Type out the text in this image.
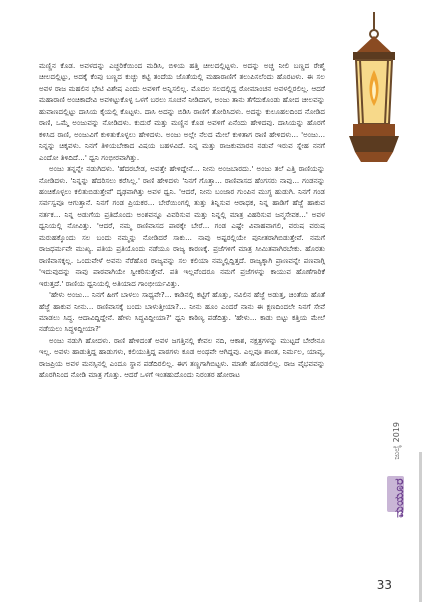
ಮಣ್ಣಿನ ಕೊಡ. ಅವಳದನ್ನು ಎಚ್ಚರಿಕೆಯಿಂದ ಮಡಿಸಿ, ಬಿಳಿಯ ಹತ್ತಿ ಚೀಲದಲ್ಲಿಟ್ಟಳು. ಅದನ್ನು ಅಚ್ಚ ನೀಲಿ ಬಣ್ಣದ ರೇಶ್ಮೆ ಚೀಲದಲ್ಲಿಟ್ಟು, ಅದಕ್ಕೆ ಕೆಂಪು ಬಣ್ಣದ ಕುಚ್ಚು ಕಟ್ಟಿ ತಂದೆಯ ಜೊತೆಯಲ್ಲಿ ಮಹಾರಾಣಿಗೆ ತಲುಪಿಸಲೆಂದು ಹೊರಟಳು. ಈ ಸಲ ಅವಳ ರಾಜ ಮಹಲಿನ ಭೇಟಿ ವಿಶೇಷ ಎಂದು ಅವಳಿಗೆ ಅನ್ನಿಸಲಿಲ್ಲ. ಮೊದಲ ಸಲದಲ್ಲಿದ್ದ ರೋಮಾಂಚನ ಅವಳಲ್ಲಿರಲಿಲ್ಲ. ಆದರೆ ಮಹಾರಾಣಿ ಅಂಚಿಕಾದೇವಿ ಅವಳಿಟ್ಟುಕೊಳ್ಳ ಒಳಗೆ ಬರಲು ಸೂಚನೆ ನೀಡಿದಾಗ, ಅಂಜು ತಾನು ತೆಗೆದುಕೊಂಡು ಹೋದ ಚೀಲವನ್ನು ಹುವಾಣದಲ್ಲಿಟ್ಟು ದಾಸಿಯ ಕೈಯಲ್ಲಿ ಕೊಟ್ಟಳು. ದಾಸಿ ಅದನ್ನು ಬಿಡಿಸಿ ರಾಣಿಗೆ ತೋರಿಸಿದಳು. ಅದನ್ನು ಕುಲೂಹಲದಿಂದ ನೋಡಿದ ರಾಣಿ, ಒಮ್ಮೆ ಅಂಜುವನ್ನು ನೋಡಿದಳು. ಕುದುರೆ ಮತ್ತು ಮಣ್ಣಿನ ಕೊಡ ಅವಳಿಗೆ ಏನೆಂದು ಹೇಳಿದವು. ದಾಸಿಯನ್ನು ಹೊರಗೆ ಕಳಿಸಿದ ರಾಣಿ, ಅಂಜುವಿಗೆ ಕುಳಿತುಕೊಳ್ಳಲು ಹೇಳಿದಳು. ಅಂಜು ಅಲ್ಲೇ ನೆಲದ ಮೇಲೆ ಕುಳಿತಾಗ ರಾಣಿ ಹೇಳಿದಳು... 'ಅಂಜು... ನಿನ್ನನ್ನು ಚಿಕ್ಕವಳು. ನಿನಗೆ ತಿಳಿಯಬೇಕಾದ ವಿಷಯ ಬಹಳವಿದೆ. ನಿನ್ನ ಮತ್ತು ರಾಜಕುಮಾರನ ನಡುವೆ ಇರುವ ಸ್ನೇಹ ನನಗೆ ಎಂದೋ ತಿಳಿದಿದೆ...' ಧ್ವನಿ ಗಂಭೀರವಾಗಿತ್ತು.

ಅಂಜು ತನ್ನನ್ನೇ ನಡುಗಿದಳು. 'ಹೆದರಬೇಡ, ಅವತ್ತೇ ಹೇಳಿದ್ದೇನೆ... ನೀನು ಅಂಜಬಾರದು.' ಅಂಜು ತಲೆ ಎತ್ತಿ ರಾಣಿಯನ್ನು ನೋಡಿದಳು. 'ನಿನ್ನನ್ನು ಹೆದರಿಸಲು ಕರೆಸಿಲ್ಲ.' ರಾಣಿ ಹೇಳಿದಳು 'ನಿನಗೆ ಗೊತ್ತಾ... ರಾಣಿವಾಸದ ಹೆಂಗಸರು ನಾವು... ಗಂಡನನ್ನು ಹಂಚಿಕೊಳ್ಳಲು ಕಲಿತುಬಿಡುತ್ತೇವೆ' ದೃಢವಾಗಿತ್ತು ಅವಳ ಧ್ವನಿ. 'ಆದರೆ, ನೀನು ಬಂಜಾರ ಗುಂಪಿನ ಮುಗ್ಧ ಹುಡುಗಿ. ನಿನಗೆ ಗಂಡ ಸರ್ವಸ್ವವೂ ಆಗುತ್ತಾನೆ. ನಿನಗೆ ಗಂಡ ಪ್ರಿಯಕರ... ಬೇರೆಯಿಂಗಲ್ಲಿ ತುತ್ತು ತಿನ್ನಿಸುವ ಆರಾಧಕ, ನಿನ್ನ ಹಾಡಿಗೆ ಹೆಜ್ಜೆ ಹಾಕುವ ನರ್ತಕ... ನಿನ್ನ ಅಡುಗೆಯ ಪ್ರತಿದೊಂದು ಅಂಶವನ್ನೂ ವಿವರಿಸುವ ಮತ್ತು ನಿನ್ನಲ್ಲಿ ಮಾತ್ರ ವಿಹರಿಸುವ ಜನ್ಮಸೇವಕ...' ಅವಳ ಧ್ವನಿಯಲ್ಲಿ ನೋವಿತ್ತು. 'ಆದರೆ, ನಮ್ಮ ರಾಣಿವಾಸದ ಪಾಠಕ್ಕೇ ಬೇರೆ... ಗಂಡ ಎಷ್ಟೇ ವಿವಾಹವಾಗಲಿ, ವರುಷ ವರುಷ ಮರುಹಕ್ಕೊಂದು ಸಲ ಬಂದು ನಮ್ಮನ್ನು ನೋಡಿದರೆ ಸಾಕು... ನಾವು ಅಷ್ಟರಲ್ಲಿಯೇ ಪುನೀತರಾಗಿಬಿಡುತ್ತೇವೆ. ನಮಗೆ ರಾಜಧರ್ಮವೇ ಮುಖ್ಯ. ಪತಿಯ ಪ್ರತಿಯೊಂದು ನಡೆಯೂ ರಾಜ್ಯ ಕಾರಣಕ್ಕೆ. ಪ್ರಜೆಗಳಿಗೆ ಮಾತ್ರ ಸೀಮಿತವಾಗಿರಬೇಕು. ಹೊರತು ರಾಣಿವಾಸಕ್ಕಲ್ಲ. ಒಂದುವೇಳೆ ಅವನು ನೆರೆಹೊರ ರಾಜ್ಯವನ್ನು ಸಲ ಕಲಿಯಾ ನಮ್ಮಲ್ಲಿದ್ದಿತ್ತದೆ. ರಾಜ್ಯಕ್ಕಾಗಿ ಪ್ರಾಣವನ್ನೇ ಪಣವಾಗ್ಗಿ 'ಇದುವುದನ್ನು ನಾವು ಪಾಠವಾಗಿಯೇ ಸ್ವೀಕರಿಸುತ್ತೇವೆ. ಪತಿ ಇಲ್ಲವೆಂದರೂ ನಮಗೆ ಪ್ರಜೆಗಳನ್ನು ಕಾಯುವ ಹೊಣೆಗಾರಿಕೆ ಇರುತ್ತದೆ.' ರಾಣಿಯ ಧ್ವನಿಯಲ್ಲಿ ಅತಿಯಾದ ಗಾಂಭೀರ್ಯವಿತ್ತು.

'ಹೇಳು ಅಂಜು... ನಿನಗೆ ಹೀಗೆ ಬಾಳಲು ಸಾಧ್ಯವೇ?... ಕಾಡಿನಲ್ಲಿ ಕಟ್ಟಿಗೆ ಹೊತ್ತು, ನವಿಲಿನ ಹೆಜ್ಜೆ ಅಡುತ್ತ, ಚಿಂತೆಯ ಹೊತೆ ಹೆಜ್ಜೆ ಹಾಕುವ ನೀನು... ರಾಣಿವಾಸಕ್ಕೆ ಬಂದು ಬಾಳುತ್ತೀಯಾ?... ನೀನು ಹೂಂ ಎಂದರೆ ನಾನು ಈ ಕ್ಷಣದಿಂದಲೇ ನಿನಗೆ ಸೇವೆ ಮಾಡಲು ಸಿದ್ಧ. ಆದಾವಿದ್ದಿದ್ದೇನೆ. ಹೇಳು ಸಿದ್ಧವಿದ್ದೀಯಾ?' ಧ್ವನಿ ಕಾಠಿಣ್ಯ ಪಡೆದಿತ್ತು. 'ಹೇಳು... ಕಾಡು ಬಿಟ್ಟು ಕತ್ತಿಯ ಮೇಲೆ ನಡೆಯಲು ಸಿದ್ಧಳಿದ್ದೀಯಾ?'

ಅಂಜು ನಡುಗಿ ಹೋದಳು. ರಾಣಿ ಹೇಳಿದಂತೆ ಅವಳ ಜಗತ್ತಿನಲ್ಲಿ ಕೇವಲ ನದಿ, ಆಕಾಶ, ನಕ್ಷತ್ರಗಳನ್ನು ಮುಟ್ಟದೆ ಬೇರೇನೂ ಇಲ್ಲ. ಅವಳು ಹಾಡುತ್ತಿದ್ದ ಹಾಡುಗಳು, ಕಲಿಯುತ್ತಿದ್ದ ಪಾಠಗಳು ಕೂಡ ಅಂಥವೇ ಆಗಿದ್ದವು. ಎಲ್ಲವೂ ಶಾಂತ, ನಿರ್ಮಲ, ಯಾವ್ಯ, ರಾಜಪ್ರಿಯ ಅವಳ ಮನಸ್ಸಿನಲ್ಲಿ ಎಂದೂ ಸ್ಥಾನ ಪಡೆದಿರಲಿಲ್ಲ. ಈಗ ತಣ್ಣಗಾಗಿಬಿಟ್ಟಳು. ಮಾತೇ ಹೊರಡಲಿಲ್ಲ. ರಾಜ ವೈಭವವನ್ನು ಹೊರಗಿನಿಂದ ನೋಡಿ ಮಾತ್ರ ಗೊತ್ತು. ಆದರೆ ಒಳಗೆ ಇಂತಹುದೊಂದು ನಿರಂತರ ಹೋರಾಟ

ಜುಲೈ 2019
ಮಯೂರ
33
